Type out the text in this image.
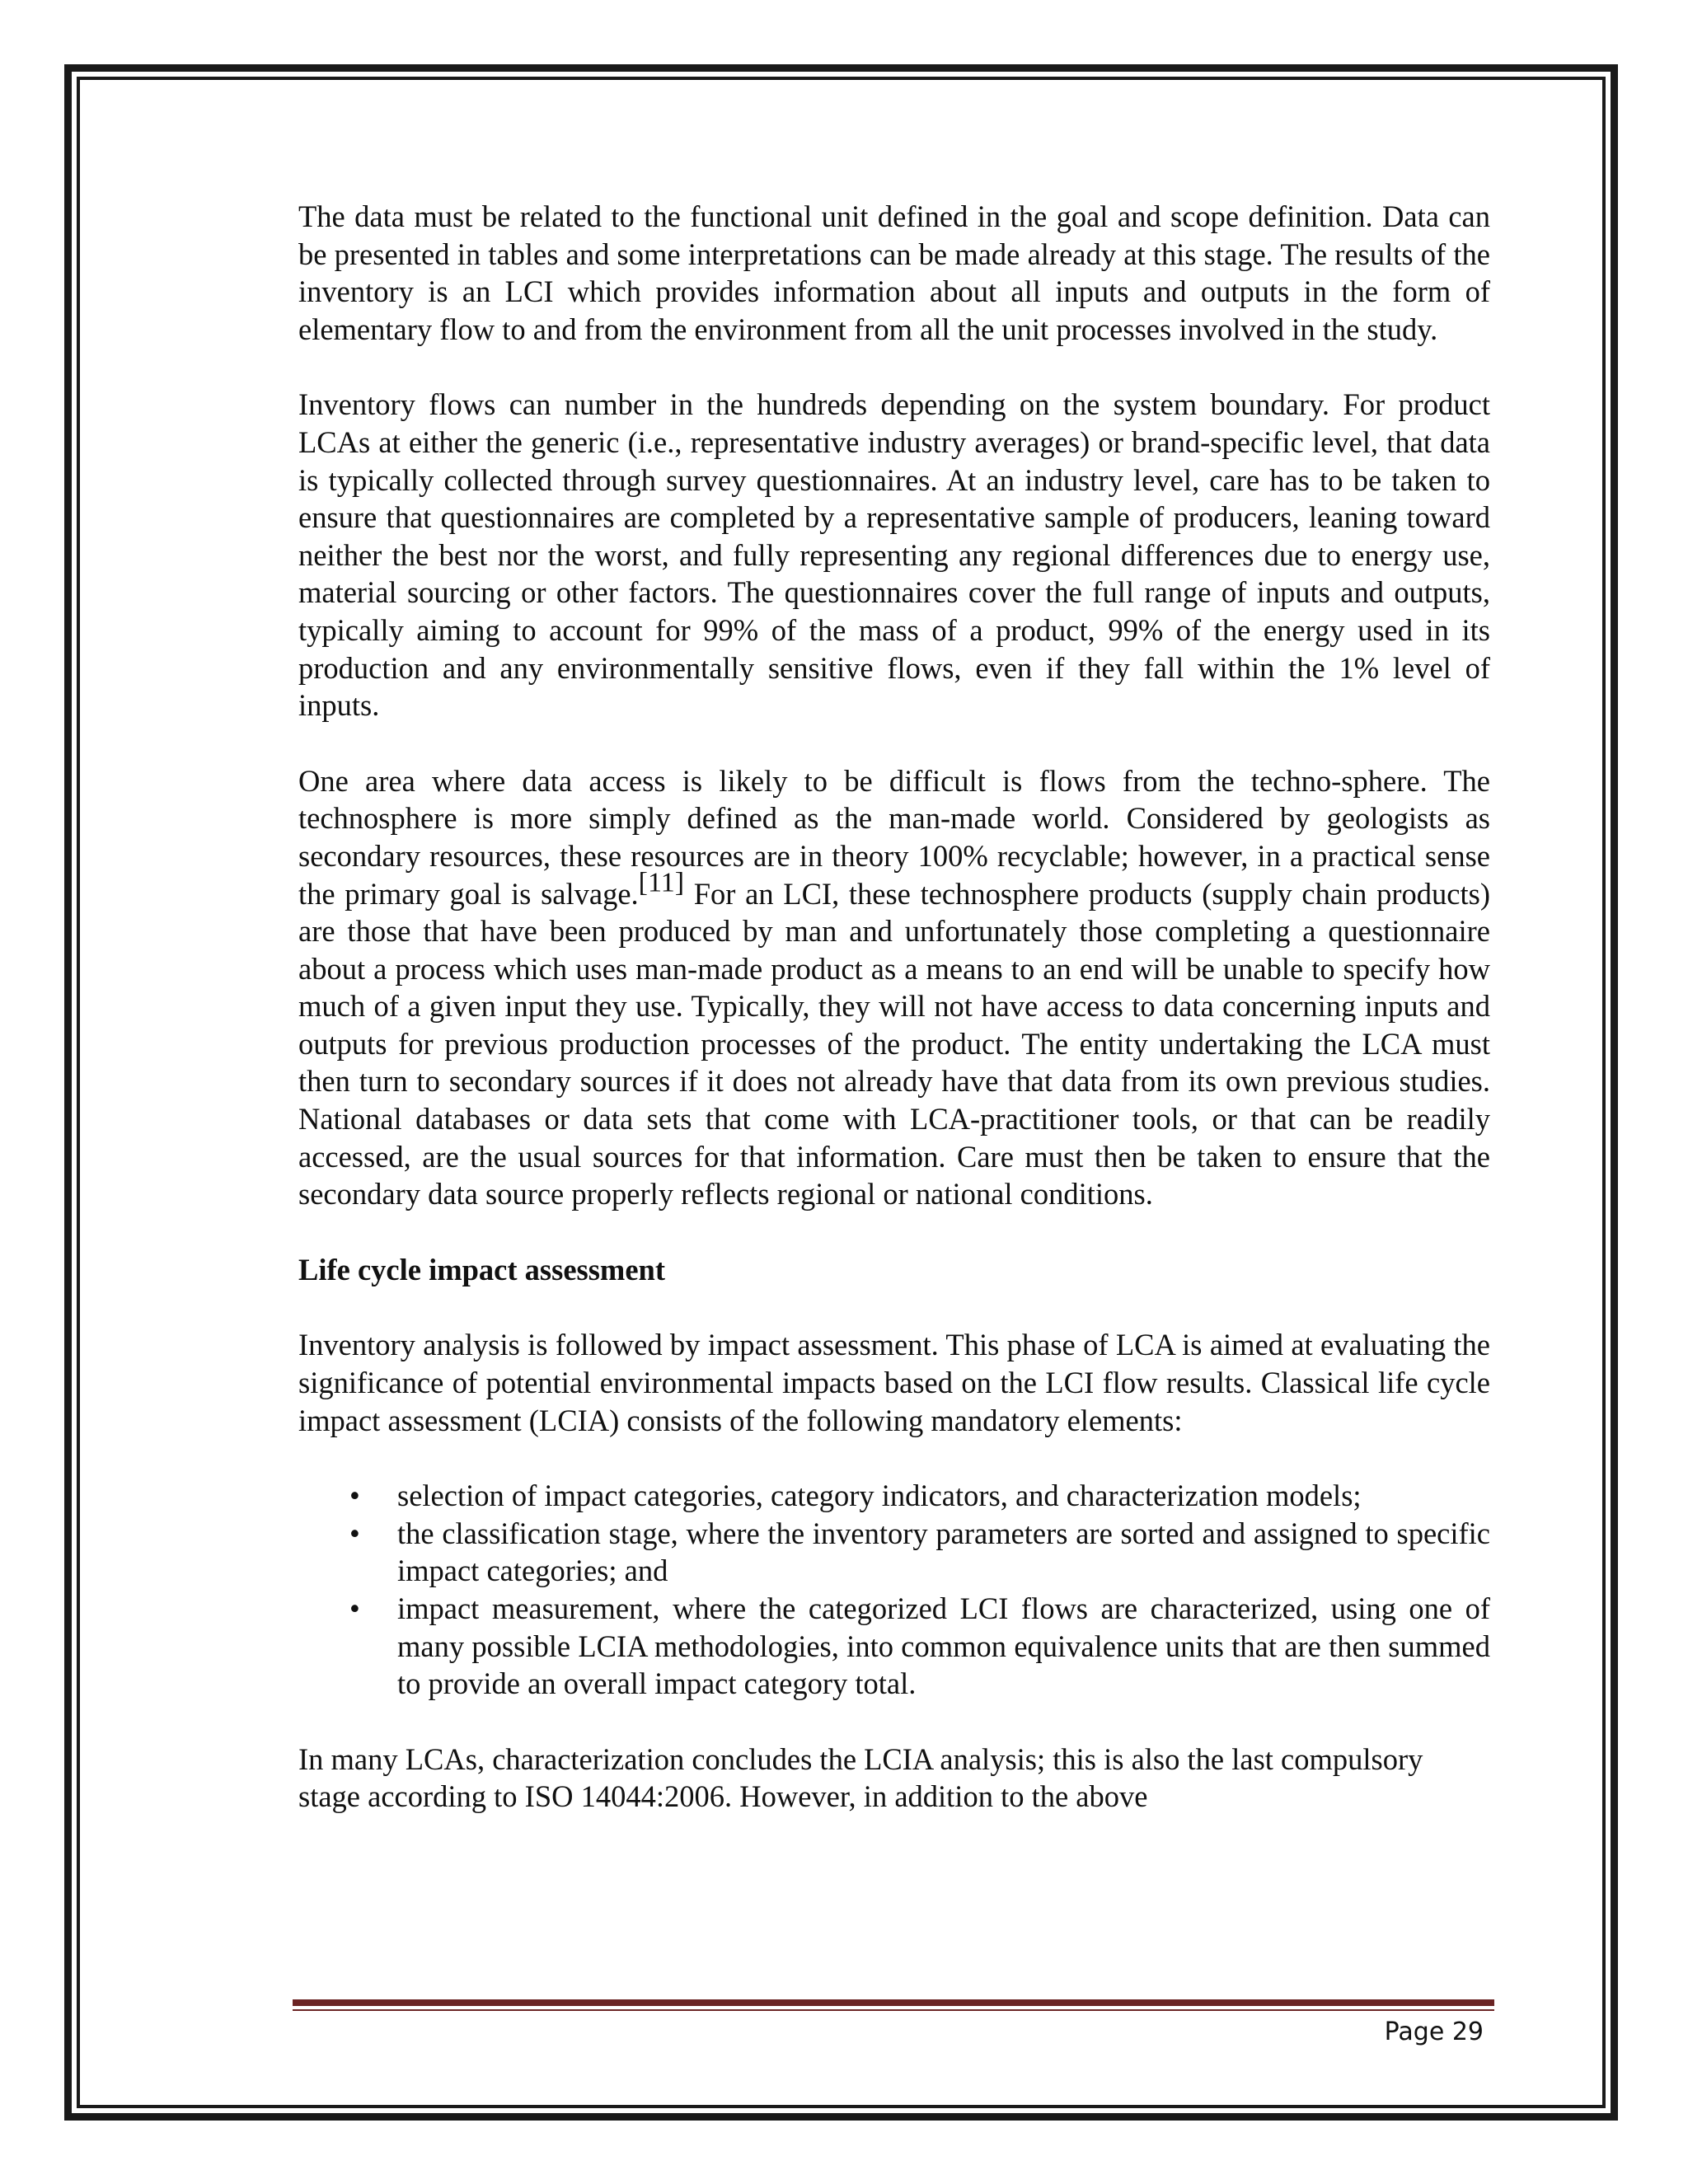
The data must be related to the functional unit defined in the goal and scope definition. Data can be presented in tables and some interpretations can be made already at this stage. The results of the inventory is an LCI which provides information about all inputs and outputs in the form of elementary flow to and from the environment from all the unit processes involved in the study.

Inventory flows can number in the hundreds depending on the system boundary. For product LCAs at either the generic (i.e., representative industry averages) or brand-specific level, that data is typically collected through survey questionnaires. At an industry level, care has to be taken to ensure that questionnaires are completed by a representative sample of producers, leaning toward neither the best nor the worst, and fully representing any regional differences due to energy use, material sourcing or other factors. The questionnaires cover the full range of inputs and outputs, typically aiming to account for 99% of the mass of a product, 99% of the energy used in its production and any environmentally sensitive flows, even if they fall within the 1% level of inputs.

One area where data access is likely to be difficult is flows from the techno-sphere. The technosphere is more simply defined as the man-made world. Considered by geologists as secondary resources, these resources are in theory 100% recyclable; however, in a practical sense the primary goal is salvage.[11] For an LCI, these technosphere products (supply chain products) are those that have been produced by man and unfortunately those completing a questionnaire about a process which uses man-made product as a means to an end will be unable to specify how much of a given input they use. Typically, they will not have access to data concerning inputs and outputs for previous production processes of the product. The entity undertaking the LCA must then turn to secondary sources if it does not already have that data from its own previous studies. National databases or data sets that come with LCA-practitioner tools, or that can be readily accessed, are the usual sources for that information. Care must then be taken to ensure that the secondary data source properly reflects regional or national conditions.

Life cycle impact assessment

Inventory analysis is followed by impact assessment. This phase of LCA is aimed at evaluating the significance of potential environmental impacts based on the LCI flow results. Classical life cycle impact assessment (LCIA) consists of the following mandatory elements:

• selection of impact categories, category indicators, and characterization models;
• the classification stage, where the inventory parameters are sorted and assigned to specific impact categories; and
• impact measurement, where the categorized LCI flows are characterized, using one of many possible LCIA methodologies, into common equivalence units that are then summed to provide an overall impact category total.

In many LCAs, characterization concludes the LCIA analysis; this is also the last compulsory stage according to ISO 14044:2006. However, in addition to the above

Page 29
